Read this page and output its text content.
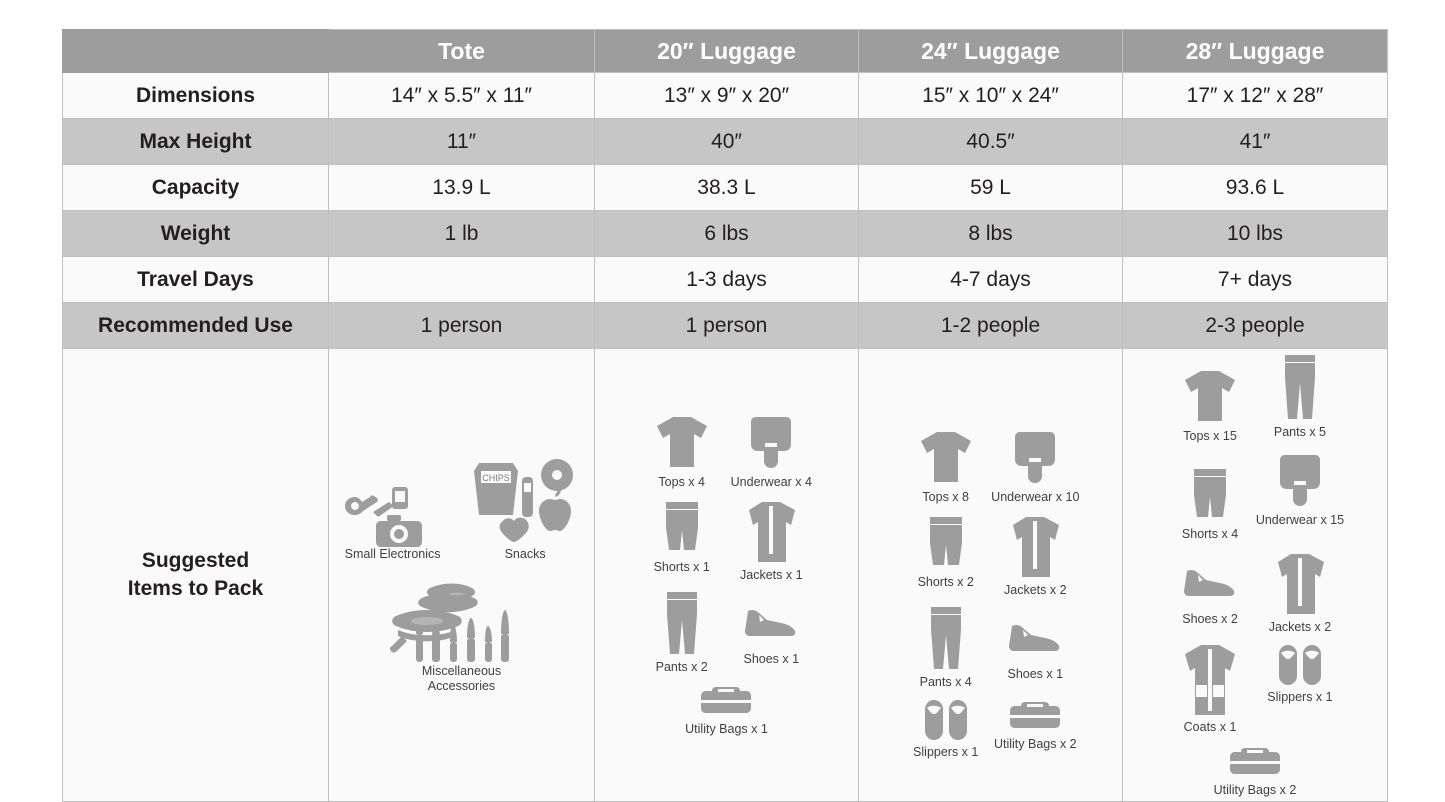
	Tote	20″ Luggage	24″ Luggage	28″ Luggage
Dimensions	14″ x 5.5″ x 11″	13″ x 9″ x 20″	15″ x 10″ x 24″	17″ x 12″ x 28″
Max Height	11″	40″	40.5″	41″
Capacity	13.9 L	38.3 L	59 L	93.6 L
Weight	1 lb	6 lbs	8 lbs	10 lbs
Travel Days		1-3 days	4-7 days	7+ days
Recommended Use	1 person	1 person	1-2 people	2-3 people

Suggested
Items to Pack

Small Electronics
CHIPS
Snacks
Miscellaneous
Accessories

Tops x 4 Underwear x 4
Shorts x 1
Jackets x 1
Pants x 2
Shoes x 1
Utility Bags x 1

Tops x 8 Underwear x 10
Shorts x 2
Shoes x 1
Jackets x 2
Pants x 4
Slippers x 1
Utility Bags x 2

Tops x 15	Pants x 5
Shorts x 4
Underwear x 15
Shoes x 2
Jackets x 2
Coats x 1
Slippers x 1
Utility Bags x 2
